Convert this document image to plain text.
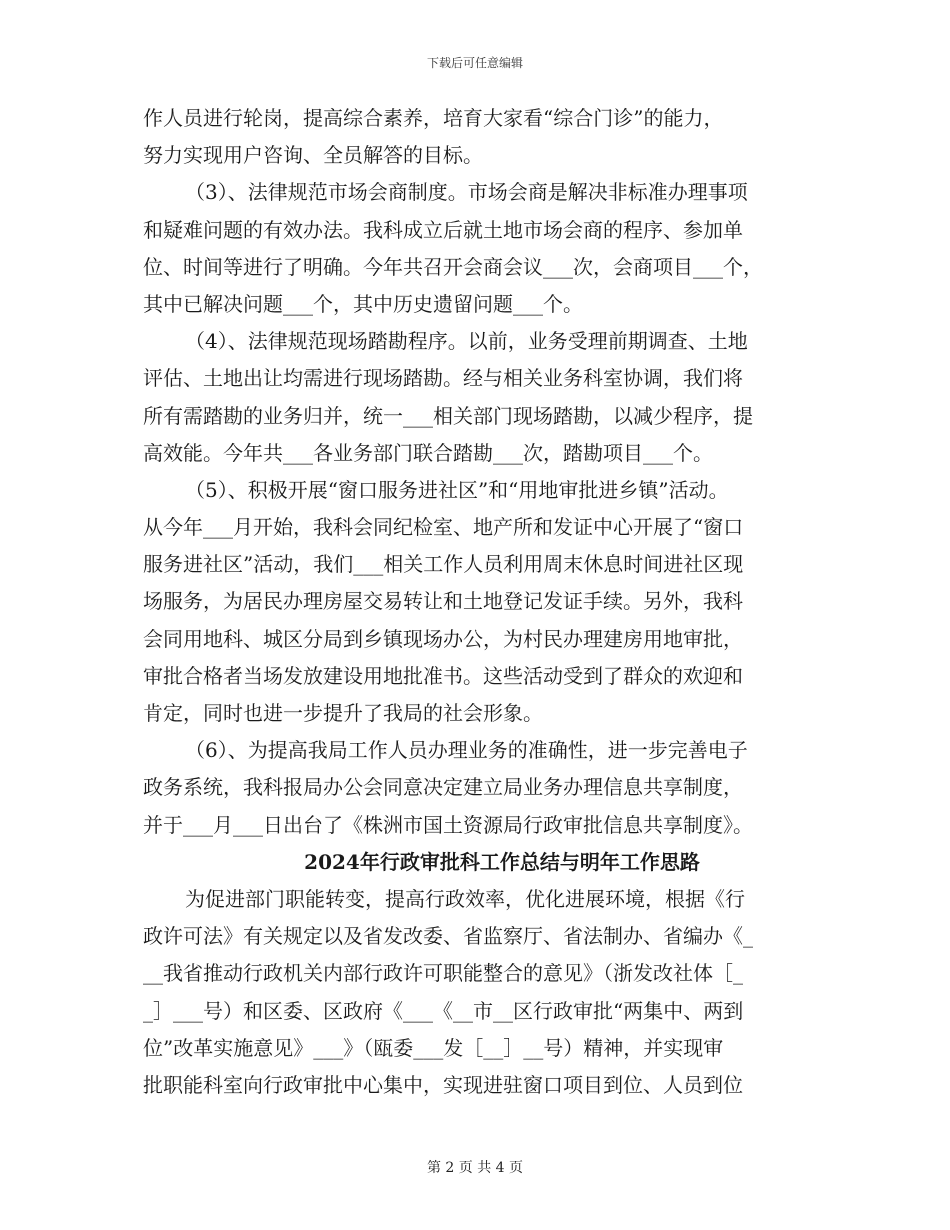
下载后可任意编辑
作人员进行轮岗，提高综合素养，培育大家看“综合门诊”的能力，
努力实现用户咨询、全员解答的目标。
（3）、法律规范市场会商制度。市场会商是解决非标准办理事项
和疑难问题的有效办法。我科成立后就土地市场会商的程序、参加单
位、时间等进行了明确。今年共召开会商会议___次，会商项目___个，
其中已解决问题___个，其中历史遗留问题___个。
（4）、法律规范现场踏勘程序。以前，业务受理前期调查、土地
评估、土地出让均需进行现场踏勘。经与相关业务科室协调，我们将
所有需踏勘的业务归并，统一___相关部门现场踏勘，以减少程序，提
高效能。今年共___各业务部门联合踏勘___次，踏勘项目___个。
（5）、积极开展“窗口服务进社区”和“用地审批进乡镇”活动。
从今年___月开始，我科会同纪检室、地产所和发证中心开展了“窗口
服务进社区”活动，我们___相关工作人员利用周末休息时间进社区现
场服务，为居民办理房屋交易转让和土地登记发证手续。另外，我科
会同用地科、城区分局到乡镇现场办公，为村民办理建房用地审批，
审批合格者当场发放建设用地批准书。这些活动受到了群众的欢迎和
肯定，同时也进一步提升了我局的社会形象。
（6）、为提高我局工作人员办理业务的准确性，进一步完善电子
政务系统，我科报局办公会同意决定建立局业务办理信息共享制度，
并于___月___日出台了《株洲市国土资源局行政审批信息共享制度》。
2024年行政审批科工作总结与明年工作思路
为促进部门职能转变，提高行政效率，优化进展环境，根据《行
政许可法》有关规定以及省发改委、省监察厅、省法制办、省编办《_
__我省推动行政机关内部行政许可职能整合的意见》（浙发改社体［_
_］___号）和区委、区政府《___《__市__区行政审批“两集中、两到
位”改革实施意见》___》（瓯委___发［__］__号）精神，并实现审
批职能科室向行政审批中心集中，实现进驻窗口项目到位、人员到位
第 2 页 共 4 页
